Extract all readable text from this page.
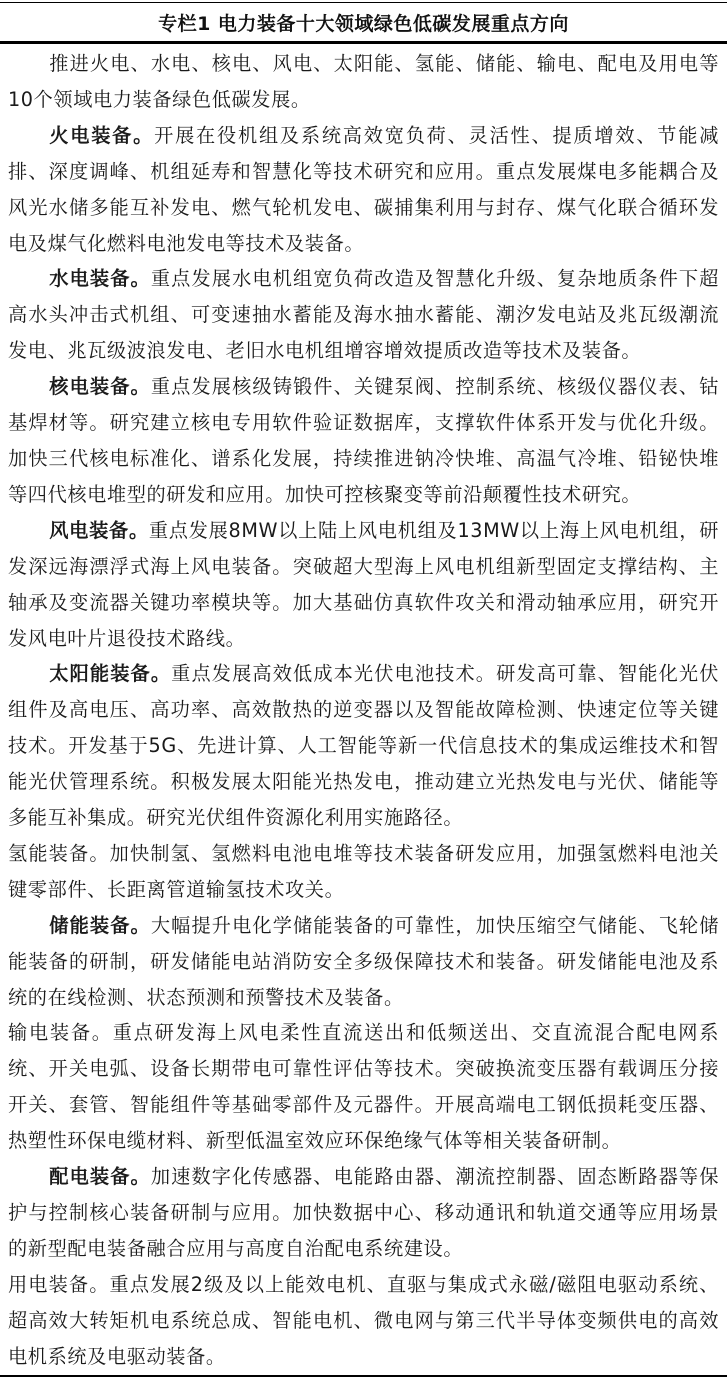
专栏1 电力装备十大领域绿色低碳发展重点方向

推进火电、水电、核电、风电、太阳能、氢能、储能、输电、配电及用电等10个领域电力装备绿色低碳发展。

火电装备。开展在役机组及系统高效宽负荷、灵活性、提质增效、节能减排、深度调峰、机组延寿和智慧化等技术研究和应用。重点发展煤电多能耦合及风光水储多能互补发电、燃气轮机发电、碳捕集利用与封存、煤气化联合循环发电及煤气化燃料电池发电等技术及装备。

水电装备。重点发展水电机组宽负荷改造及智慧化升级、复杂地质条件下超高水头冲击式机组、可变速抽水蓄能及海水抽水蓄能、潮汐发电站及兆瓦级潮流发电、兆瓦级波浪发电、老旧水电机组增容增效提质改造等技术及装备。

核电装备。重点发展核级铸锻件、关键泵阀、控制系统、核级仪器仪表、钴基焊材等。研究建立核电专用软件验证数据库，支撑软件体系开发与优化升级。加快三代核电标准化、谱系化发展，持续推进钠冷快堆、高温气冷堆、铅铋快堆等四代核电堆型的研发和应用。加快可控核聚变等前沿颠覆性技术研究。

风电装备。重点发展8MW以上陆上风电机组及13MW以上海上风电机组，研发深远海漂浮式海上风电装备。突破超大型海上风电机组新型固定支撑结构、主轴承及变流器关键功率模块等。加大基础仿真软件攻关和滑动轴承应用，研究开发风电叶片退役技术路线。

太阳能装备。重点发展高效低成本光伏电池技术。研发高可靠、智能化光伏组件及高电压、高功率、高效散热的逆变器以及智能故障检测、快速定位等关键技术。开发基于5G、先进计算、人工智能等新一代信息技术的集成运维技术和智能光伏管理系统。积极发展太阳能光热发电，推动建立光热发电与光伏、储能等多能互补集成。研究光伏组件资源化利用实施路径。

氢能装备。加快制氢、氢燃料电池电堆等技术装备研发应用，加强氢燃料电池关键零部件、长距离管道输氢技术攻关。

储能装备。大幅提升电化学储能装备的可靠性，加快压缩空气储能、飞轮储能装备的研制，研发储能电站消防安全多级保障技术和装备。研发储能电池及系统的在线检测、状态预测和预警技术及装备。

输电装备。重点研发海上风电柔性直流送出和低频送出、交直流混合配电网系统、开关电弧、设备长期带电可靠性评估等技术。突破换流变压器有载调压分接开关、套管、智能组件等基础零部件及元器件。开展高端电工钢低损耗变压器、热塑性环保电缆材料、新型低温室效应环保绝缘气体等相关装备研制。

配电装备。加速数字化传感器、电能路由器、潮流控制器、固态断路器等保护与控制核心装备研制与应用。加快数据中心、移动通讯和轨道交通等应用场景的新型配电装备融合应用与高度自治配电系统建设。

用电装备。重点发展2级及以上能效电机、直驱与集成式永磁/磁阻电驱动系统、超高效大转矩机电系统总成、智能电机、微电网与第三代半导体变频供电的高效电机系统及电驱动装备。
